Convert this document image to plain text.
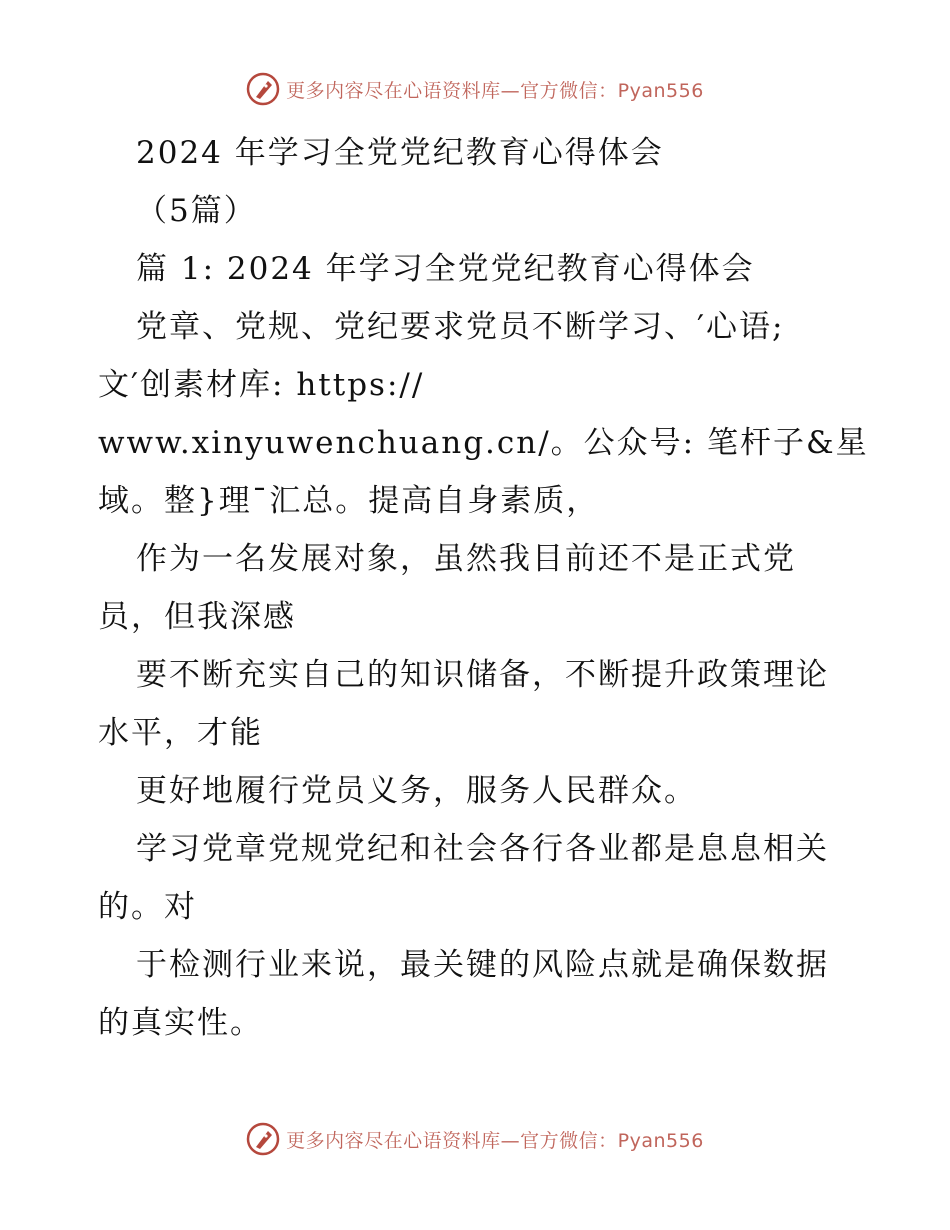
更多内容尽在心语资料库—官方微信：Pyan556
2024 年学习全党党纪教育心得体会
（5篇）
篇 1: 2024 年学习全党党纪教育心得体会
党章、党规、党纪要求党员不断学习、′心语;
文′创素材库: https://
www.xinyuwenchuang.cn/。公众号: 笔杆子&星
域。整}理¯汇总。提高自身素质，
作为一名发展对象，虽然我目前还不是正式党
员，但我深感
要不断充实自己的知识储备，不断提升政策理论
水平，才能
更好地履行党员义务，服务人民群众。
学习党章党规党纪和社会各行各业都是息息相关
的。对
于检测行业来说，最关键的风险点就是确保数据
的真实性。
更多内容尽在心语资料库—官方微信：Pyan556
